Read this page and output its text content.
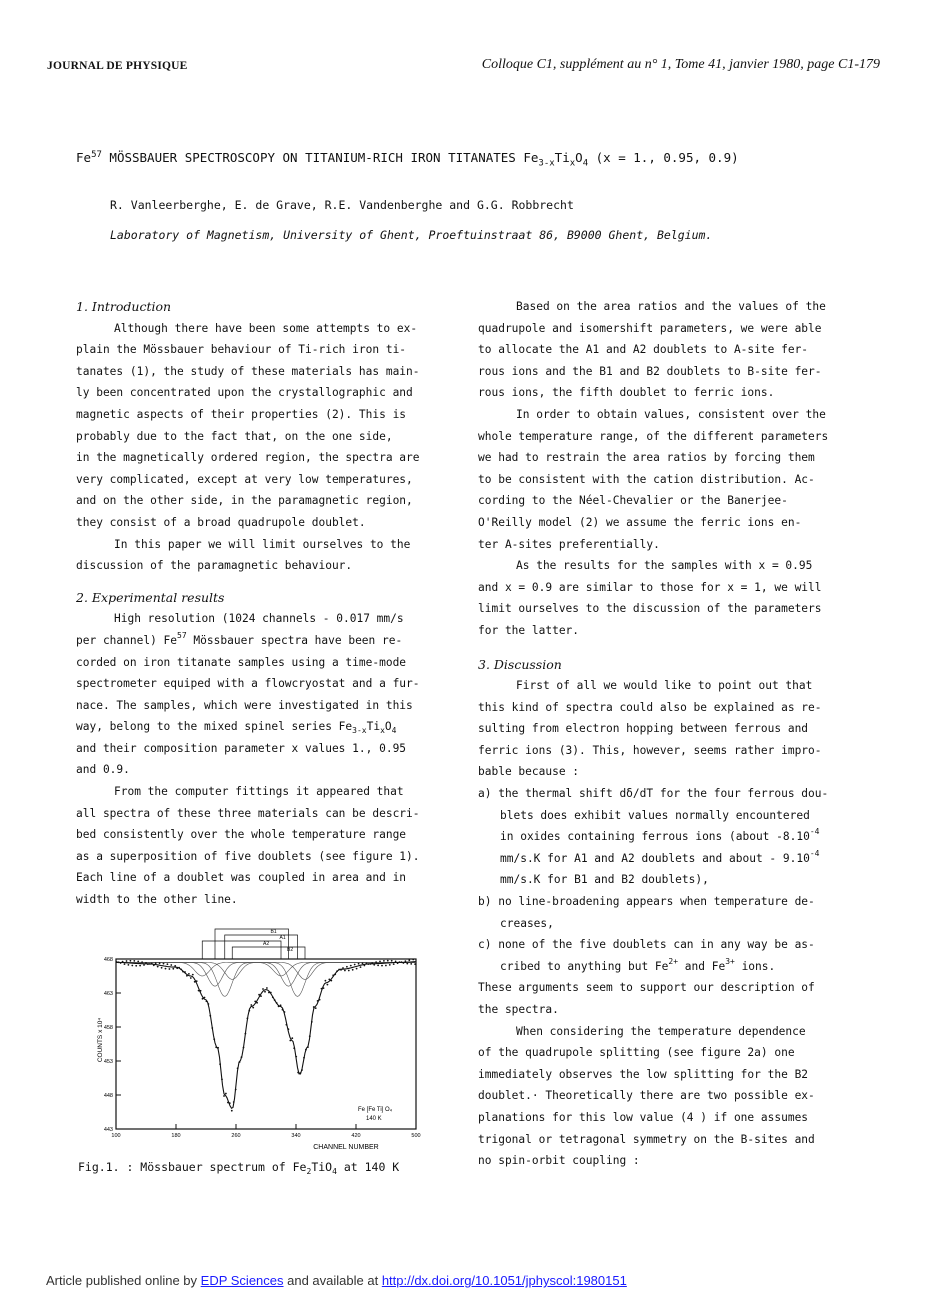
JOURNAL DE PHYSIQUE	Colloque C1, supplément au n° 1, Tome 41, janvier 1980, page C1-179
Fe$^{57}$ MÖSSBAUER SPECTROSCOPY ON TITANIUM-RICH IRON TITANATES $Fe_{3-x}Ti_xO_4$ (x = 1., 0.95, 0.9)
R. Vanleerberghe, E. de Grave, R.E. Vandenberghe and G.G. Robbrecht
Laboratory of Magnetism, University of Ghent, Proeftuinstraat 86, B9000 Ghent, Belgium.

1. Introduction

Although there have been some attempts to ex-

plain the Mössbauer behaviour of Ti-rich iron ti-

tanates (1), the study of these materials has main-

ly been concentrated upon the crystallographic and

magnetic aspects of their properties (2). This is

probably due to the fact that, on the one side,

in the magnetically ordered region, the spectra are

very complicated, except at very low temperatures,

and on the other side, in the paramagnetic region,

they consist of a broad quadrupole doublet.

In this paper we will limit ourselves to the

discussion of the paramagnetic behaviour.

2. Experimental results

High resolution (1024 channels - 0.017 mm/s

per channel) Fe$^{57}$ Mössbauer spectra have been re-

corded on iron titanate samples using a time-mode

spectrometer equiped with a flowcryostat and a fur-

nace. The samples, which were investigated in this

way, belong to the mixed spinel series $Fe_{3-x}Ti_xO_4$

and their composition parameter x values 1., 0.95

and 0.9.

From the computer fittings it appeared that

all spectra of these three materials can be descri-

bed consistently over the whole temperature range

as a superposition of five doublets (see figure 1).

Each line of a doublet was coupled in area and in

width to the other line.

B1
A1
A2
B2
468
463
458
453
448
443
100	180	260	340	420	500
COUNTS x 10⁴
CHANNEL NUMBER
Fe [Fe Ti] O₄
140 K
Fig.1. : Mössbauer spectrum of $Fe_2TiO_4$ at 140 K

Based on the area ratios and the values of the

quadrupole and isomershift parameters, we were able

to allocate the A1 and A2 doublets to A-site fer-

rous ions and the B1 and B2 doublets to B-site fer-

rous ions, the fifth doublet to ferric ions.

In order to obtain values, consistent over the

whole temperature range, of the different parameters

we had to restrain the area ratios by forcing them

to be consistent with the cation distribution. Ac-

cording to the Néel-Chevalier or the Banerjee-

O'Reilly model (2) we assume the ferric ions en-

ter A-sites preferentially.

As the results for the samples with x = 0.95

and x = 0.9 are similar to those for x = 1, we will

limit ourselves to the discussion of the parameters

for the latter.

3. Discussion

First of all we would like to point out that

this kind of spectra could also be explained as re-

sulting from electron hopping between ferrous and

ferric ions (3). This, however, seems rather impro-

bable because :

a) the thermal shift dδ/dT for the four ferrous dou-

blets does exhibit values normally encountered

in oxides containing ferrous ions (about $-8.10^{-4}$

mm/s.K for A1 and A2 doublets and about - $9.10^{-4}$

mm/s.K for B1 and B2 doublets),

b) no line-broadening appears when temperature de-

creases,

c) none of the five doublets can in any way be as-

cribed to anything but $Fe^{2+}$ and $Fe^{3+}$ ions.

These arguments seem to support our description of

the spectra.

When considering the temperature dependence

of the quadrupole splitting (see figure 2a) one

immediately observes the low splitting for the B2

doublet.· Theoretically there are two possible ex-

planations for this low value (4 ) if one assumes

trigonal or tetragonal symmetry on the B-sites and

no spin-orbit coupling :

Article published online by EDP Sciences and available at http://dx.doi.org/10.1051/jphyscol:1980151
